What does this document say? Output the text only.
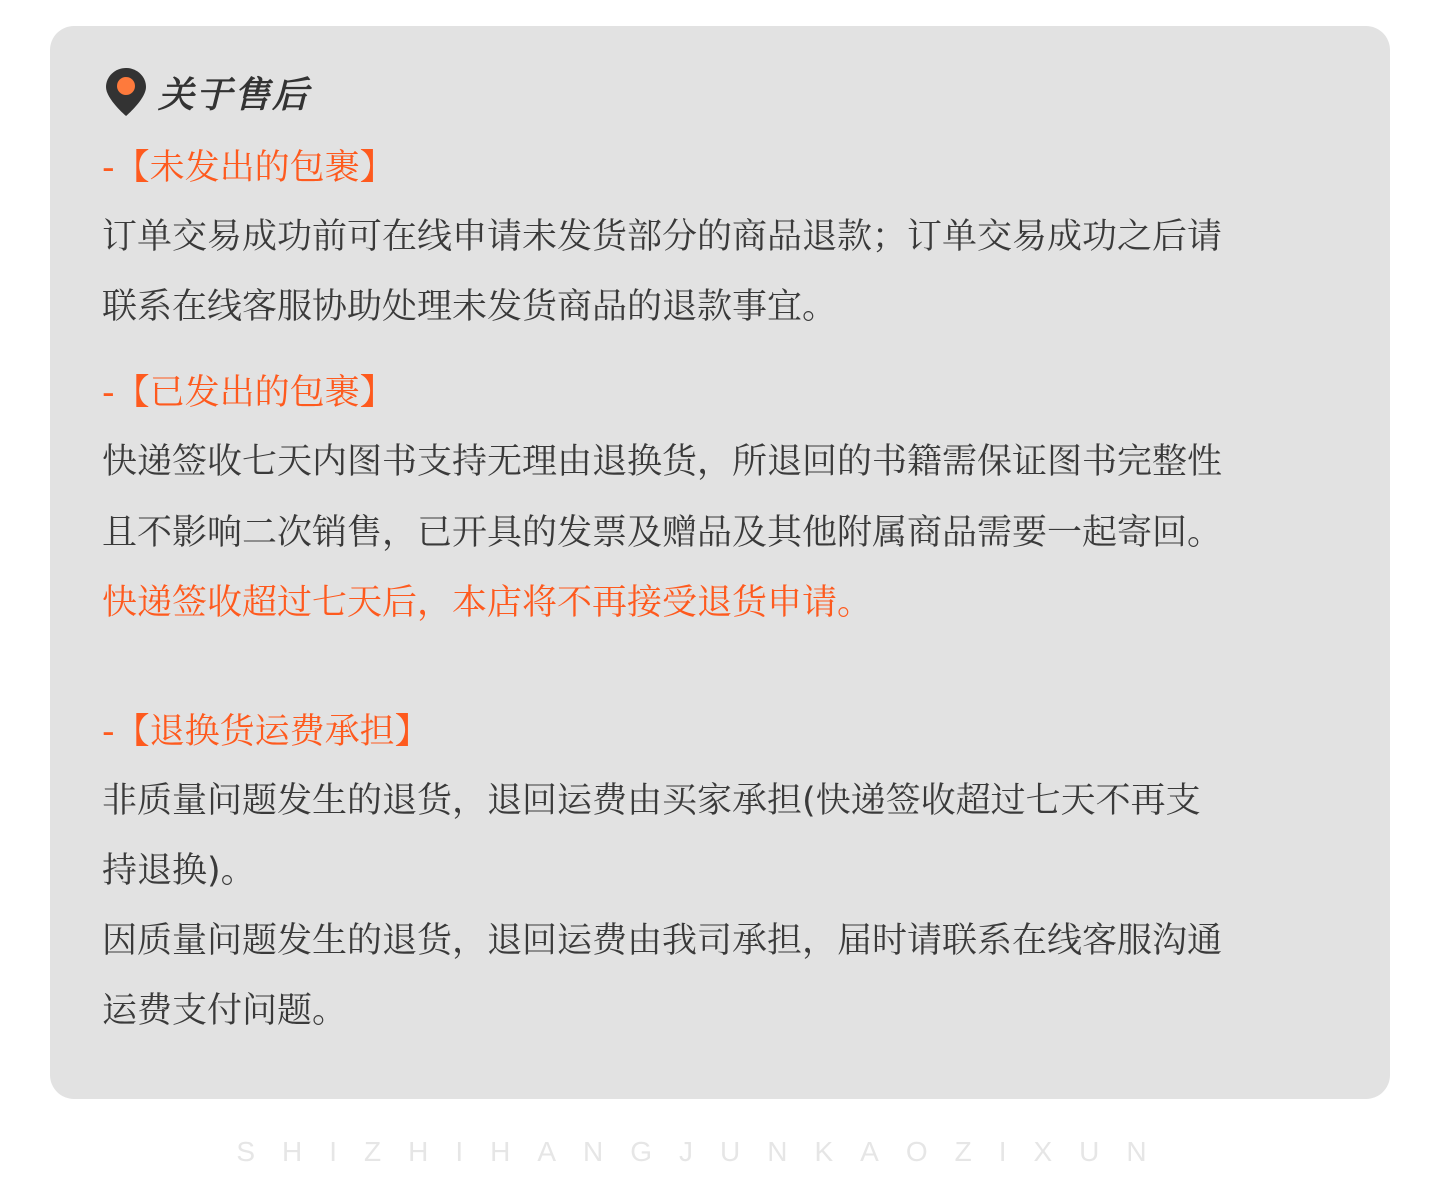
关于售后
-【未发出的包裹】
订单交易成功前可在线申请未发货部分的商品退款；订单交易成功之后请
联系在线客服协助处理未发货商品的退款事宜。
-【已发出的包裹】
快递签收七天内图书支持无理由退换货，所退回的书籍需保证图书完整性
且不影响二次销售，已开具的发票及赠品及其他附属商品需要一起寄回。
快递签收超过七天后，本店将不再接受退货申请。
-【退换货运费承担】
非质量问题发生的退货，退回运费由买家承担(快递签收超过七天不再支
持退换)。
因质量问题发生的退货，退回运费由我司承担，届时请联系在线客服沟通
运费支付问题。
SHIZHIHANGJUNKAOZIXUN
